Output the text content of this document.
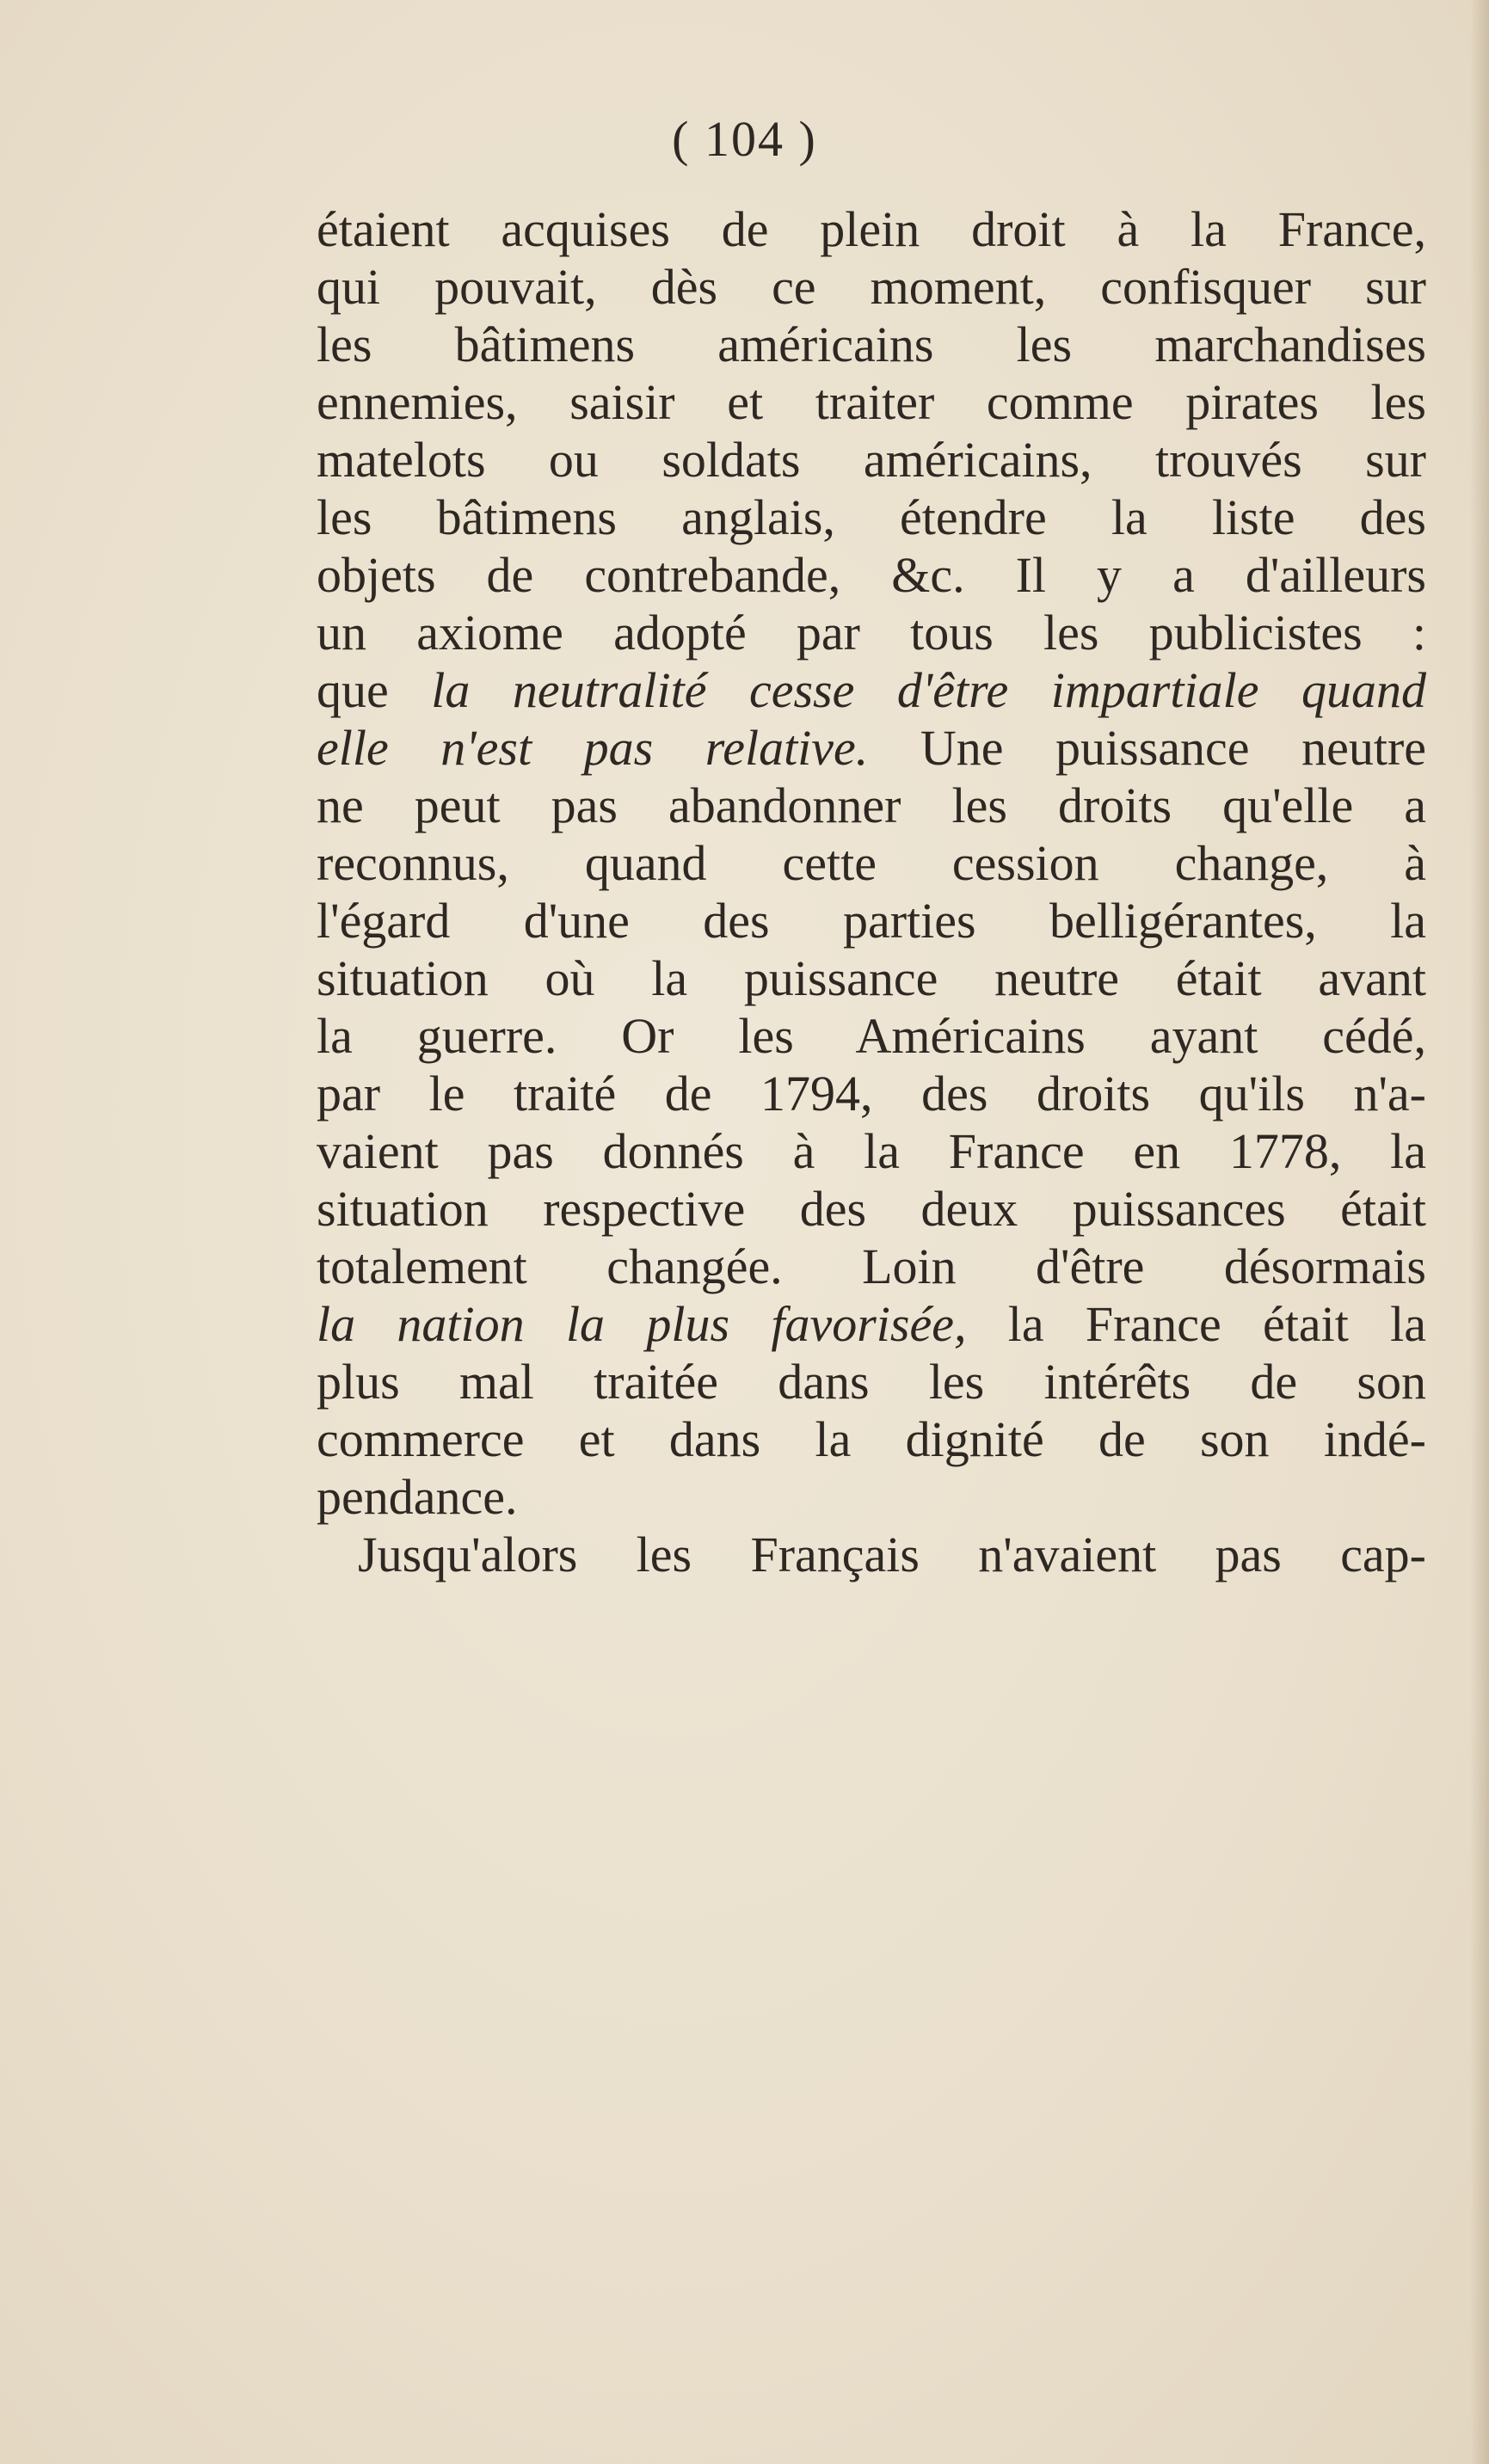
( 104 )
étaient acquises de plein droit à la France,
qui pouvait, dès ce moment, confisquer sur
les bâtimens américains les marchandises
ennemies, saisir et traiter comme pirates les
matelots ou soldats américains, trouvés sur
les bâtimens anglais, étendre la liste des
objets de contrebande, &c. Il y a d'ailleurs
un axiome adopté par tous les publicistes :
que la neutralité cesse d'être impartiale quand
elle n'est pas relative. Une puissance neutre
ne peut pas abandonner les droits qu'elle a
reconnus, quand cette cession change, à
l'égard d'une des parties belligérantes, la
situation où la puissance neutre était avant
la guerre. Or les Américains ayant cédé,
par le traité de 1794, des droits qu'ils n'a-
vaient pas donnés à la France en 1778, la
situation respective des deux puissances était
totalement changée. Loin d'être désormais
la nation la plus favorisée, la France était la
plus mal traitée dans les intérêts de son
commerce et dans la dignité de son indé-
pendance.
Jusqu'alors les Français n'avaient pas cap-
